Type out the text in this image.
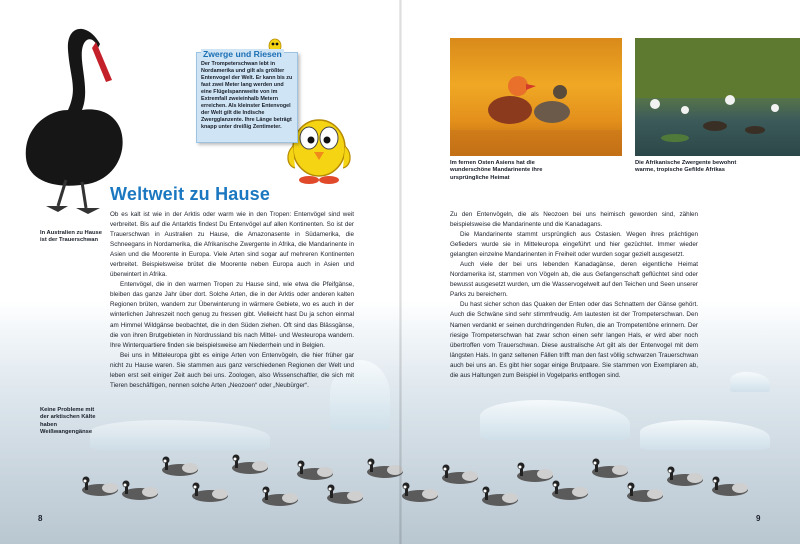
Zwerge und Riesen
Der Trompeterschwan lebt in Nordamerika und gilt als größter Entenvogel der Welt. Er kann bis zu fast zwei Meter lang werden und eine Flügelspannweite von im Extremfall zweieinhalb Metern erreichen. Als kleinster Entenvogel der Welt gilt die Indische Zwergglanzente. Ihre Länge beträgt knapp unter dreißig Zentimeter.
Im fernen Osten Asiens hat die wunderschöne Mandarinente ihre ursprüngliche Heimat
Die Afrikanische Zwergente bewohnt warme, tropische Gefilde Afrikas
In Australien zu Hause ist der Trauerschwan
Keine Probleme mit der arktischen Kälte haben Weißwangengänse
Weltweit zu Hause

Ob es kalt ist wie in der Arktis oder warm wie in den Tropen: Entenvögel sind weit verbreitet. Bis auf die Antarktis findest Du Entenvögel auf allen Kontinenten. So ist der Trauerschwan in Australien zu Hause, die Amazonasente in Südamerika, die Schneegans in Nordamerika, die Afrikanische Zwergente in Afrika, die Mandarinente in Asien und die Moorente in Europa. Viele Arten sind sogar auf mehreren Kontinenten verbreitet. Beispielsweise brütet die Moorente neben Europa auch in Asien und überwintert in Afrika.

Entenvögel, die in den warmen Tropen zu Hause sind, wie etwa die Pfeifgänse, bleiben das ganze Jahr über dort. Solche Arten, die in der Arktis oder anderen kalten Regionen brüten, wandern zur Überwinterung in wärmere Gebiete, wo es auch in der winterlichen Jahreszeit noch genug zu fressen gibt. Vielleicht hast Du ja schon einmal am Himmel Wildgänse beobachtet, die in den Süden ziehen. Oft sind das Blässgänse, die von ihren Brutgebieten in Nordrussland bis nach Mittel- und Westeuropa wandern. Ihre Winterquartiere finden sie beispielsweise am Niederrhein und in Belgien.

Bei uns in Mitteleuropa gibt es einige Arten von Entenvögeln, die hier früher gar nicht zu Hause waren. Sie stammen aus ganz verschiedenen Regionen der Welt und leben erst seit einiger Zeit auch bei uns. Zoologen, also Wissenschaftler, die sich mit Tieren beschäftigen, nennen solche Arten „Neozoen“ oder „Neubürger“.

Zu den Entenvögeln, die als Neozoen bei uns heimisch geworden sind, zählen beispielsweise die Mandarinente und die Kanadagans.

Die Mandarinente stammt ursprünglich aus Ostasien. Wegen ihres prächtigen Gefieders wurde sie in Mitteleuropa eingeführt und hier gezüchtet. Immer wieder gelangten einzelne Mandarinenten in Freiheit oder wurden sogar gezielt ausgesetzt.

Auch viele der bei uns lebenden Kanadagänse, deren eigentliche Heimat Nordamerika ist, stammen von Vögeln ab, die aus Gefangenschaft geflüchtet sind oder bewusst ausgesetzt wurden, um die Wasservogelwelt auf den Teichen und Seen unserer Parks zu bereichern.

Du hast sicher schon das Quaken der Enten oder das Schnattern der Gänse gehört. Auch die Schwäne sind sehr stimmfreudig. Am lautesten ist der Trompeterschwan. Den Namen verdankt er seinen durchdringenden Rufen, die an Trompetentöne erinnern. Der riesige Trompeterschwan hat zwar schon einen sehr langen Hals, er wird aber noch übertroffen vom Trauerschwan. Diese australische Art gilt als der Entenvogel mit dem längsten Hals. In ganz seltenen Fällen trifft man den fast völlig schwarzen Trauerschwan auch bei uns an. Es gibt hier sogar einige Brutpaare. Sie stammen von Exemplaren ab, die aus Haltungen zum Beispiel in Vogelparks entflogen sind.

8	9
